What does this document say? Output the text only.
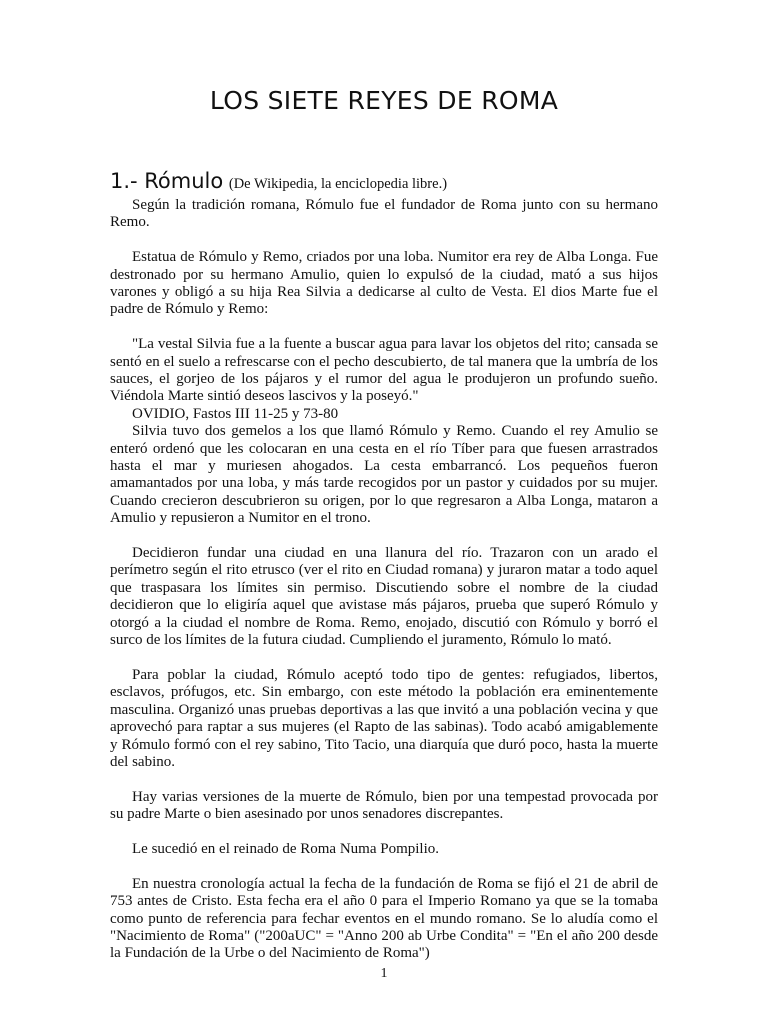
LOS SIETE REYES DE ROMA
1.- Rómulo (De Wikipedia, la enciclopedia libre.)

Según la tradición romana, Rómulo fue el fundador de Roma junto con su hermano Remo.

Estatua de Rómulo y Remo, criados por una loba. Numitor era rey de Alba Longa. Fue destronado por su hermano Amulio, quien lo expulsó de la ciudad, mató a sus hijos varones y obligó a su hija Rea Silvia a dedicarse al culto de Vesta. El dios Marte fue el padre de Rómulo y Remo:

"La vestal Silvia fue a la fuente a buscar agua para lavar los objetos del rito; cansada se sentó en el suelo a refrescarse con el pecho descubierto, de tal manera que la umbría de los sauces, el gorjeo de los pájaros y el rumor del agua le produjeron un profundo sueño. Viéndola Marte sintió deseos lascivos y la poseyó."

OVIDIO, Fastos III 11-25 y 73-80

Silvia tuvo dos gemelos a los que llamó Rómulo y Remo. Cuando el rey Amulio se enteró ordenó que les colocaran en una cesta en el río Tíber para que fuesen arrastrados hasta el mar y muriesen ahogados. La cesta embarrancó. Los pequeños fueron amamantados por una loba, y más tarde recogidos por un pastor y cuidados por su mujer. Cuando crecieron descubrieron su origen, por lo que regresaron a Alba Longa, mataron a Amulio y repusieron a Numitor en el trono.

Decidieron fundar una ciudad en una llanura del río. Trazaron con un arado el perímetro según el rito etrusco (ver el rito en Ciudad romana) y juraron matar a todo aquel que traspasara los límites sin permiso. Discutiendo sobre el nombre de la ciudad decidieron que lo eligiría aquel que avistase más pájaros, prueba que superó Rómulo y otorgó a la ciudad el nombre de Roma. Remo, enojado, discutió con Rómulo y borró el surco de los límites de la futura ciudad. Cumpliendo el juramento, Rómulo lo mató.

Para poblar la ciudad, Rómulo aceptó todo tipo de gentes: refugiados, libertos, esclavos, prófugos, etc. Sin embargo, con este método la población era eminentemente masculina. Organizó unas pruebas deportivas a las que invitó a una población vecina y que aprovechó para raptar a sus mujeres (el Rapto de las sabinas). Todo acabó amigablemente y Rómulo formó con el rey sabino, Tito Tacio, una diarquía que duró poco, hasta la muerte del sabino.

Hay varias versiones de la muerte de Rómulo, bien por una tempestad provocada por su padre Marte o bien asesinado por unos senadores discrepantes.

Le sucedió en el reinado de Roma Numa Pompilio.

En nuestra cronología actual la fecha de la fundación de Roma se fijó el 21 de abril de 753 antes de Cristo. Esta fecha era el año 0 para el Imperio Romano ya que se la tomaba como punto de referencia para fechar eventos en el mundo romano. Se lo aludía como el "Nacimiento de Roma" ("200aUC" = "Anno 200 ab Urbe Condita" = "En el año 200 desde la Fundación de la Urbe o del Nacimiento de Roma")

1
